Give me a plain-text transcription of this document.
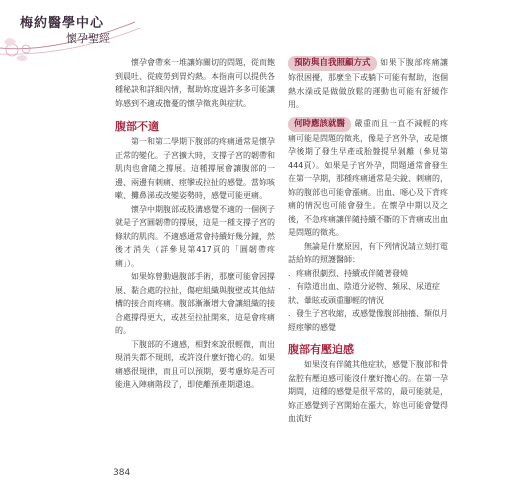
梅約醫學中心
懷孕聖經

懷孕會帶來一堆讓妳關切的問題，從而飽到晨吐、從疲勞到胃灼熱。本指南可以提供各種秘訣和詳細內情，幫助妳度過許多多可能讓妳感到不適或擔憂的懷孕徵兆與症狀。

腹部不適

第一和第二學期下腹部的疼痛通常是懷孕正常的變化。子宮擴大時，支撐子宮的韌帶和肌肉也會隨之撐展。這種撐展會讓腹部的一邊、兩邊有刺痛、痙攣或拉扯的感覺。當妳咳嗽、攤鼻涕或改變姿勢時，感覺可能更痛。

懷孕中期腹部或股溝感覺不適的一個例子就是子宮圓韌帶的撐展，這是一種支撐子宮的條狀的肌肉。不適感通常會持續好幾分鐘，然後才消失（詳參見第417頁的「圓韌帶疼痛」）。

如果妳曾動過腹部手術，那麼可能會因撐展、黏合處的拉扯，傷疤組織與腹壁或其他結構的接合而疼痛。腹部漸漸增大會讓組織的接合處撐得更大，或甚至拉扯開來，這是會疼痛的。

下腹部的不適感，相對來說很輕微，而出現消失都不規則，或許沒什麼好擔心的。如果痛感很規律，而且可以預期，要考慮妳是否可能進入陣痛階段了，即使離預產期還遠。

預防與自我照顧方式 如果下腹部疼痛讓妳很困擾，那麼坐下或躺下可能有幫助，泡個熱水澡或是做做放鬆的運動也可能有舒緩作用。

何時應該就醫 嚴重而且一直不減輕的疼痛可能是問題的徵兆，像是子宮外孕，或是懷孕後期了發生早產或胎盤提早剝離（參見第444頁）。如果是子宮外孕，問題通常會發生在第一孕期，那種疼痛通常是尖銳、刺痛的，妳的腹部也可能會漲痛。出血、噁心及下背疼痛的情況也可能會發生。在懷孕中期以及之後，不急疼痛讓伴隨持續不斷的下背痛或出血是問題的徵兆。

無論是什麼原因，有下列情況請立刻打電話給妳的照護醫師：

．疼痛很劇烈、持續或伴隨著發燒

．有陰道出血、陰道分泌物、頻尿、尿道症狀、暈眩或頭重腳輕的情況

．發生子宮收縮，或感覺像腹部抽搐、類似月經痙攣的感覺

腹部有壓迫感

如果沒有伴隨其他症狀，感覺下腹部和骨盆腔有壓迫感可能沒什麼好擔心的。在第一孕期間，這種的感覺是很平常的，最可能就是，妳正感覺到子宮開始在漲大，妳也可能會覺得血流好

384
